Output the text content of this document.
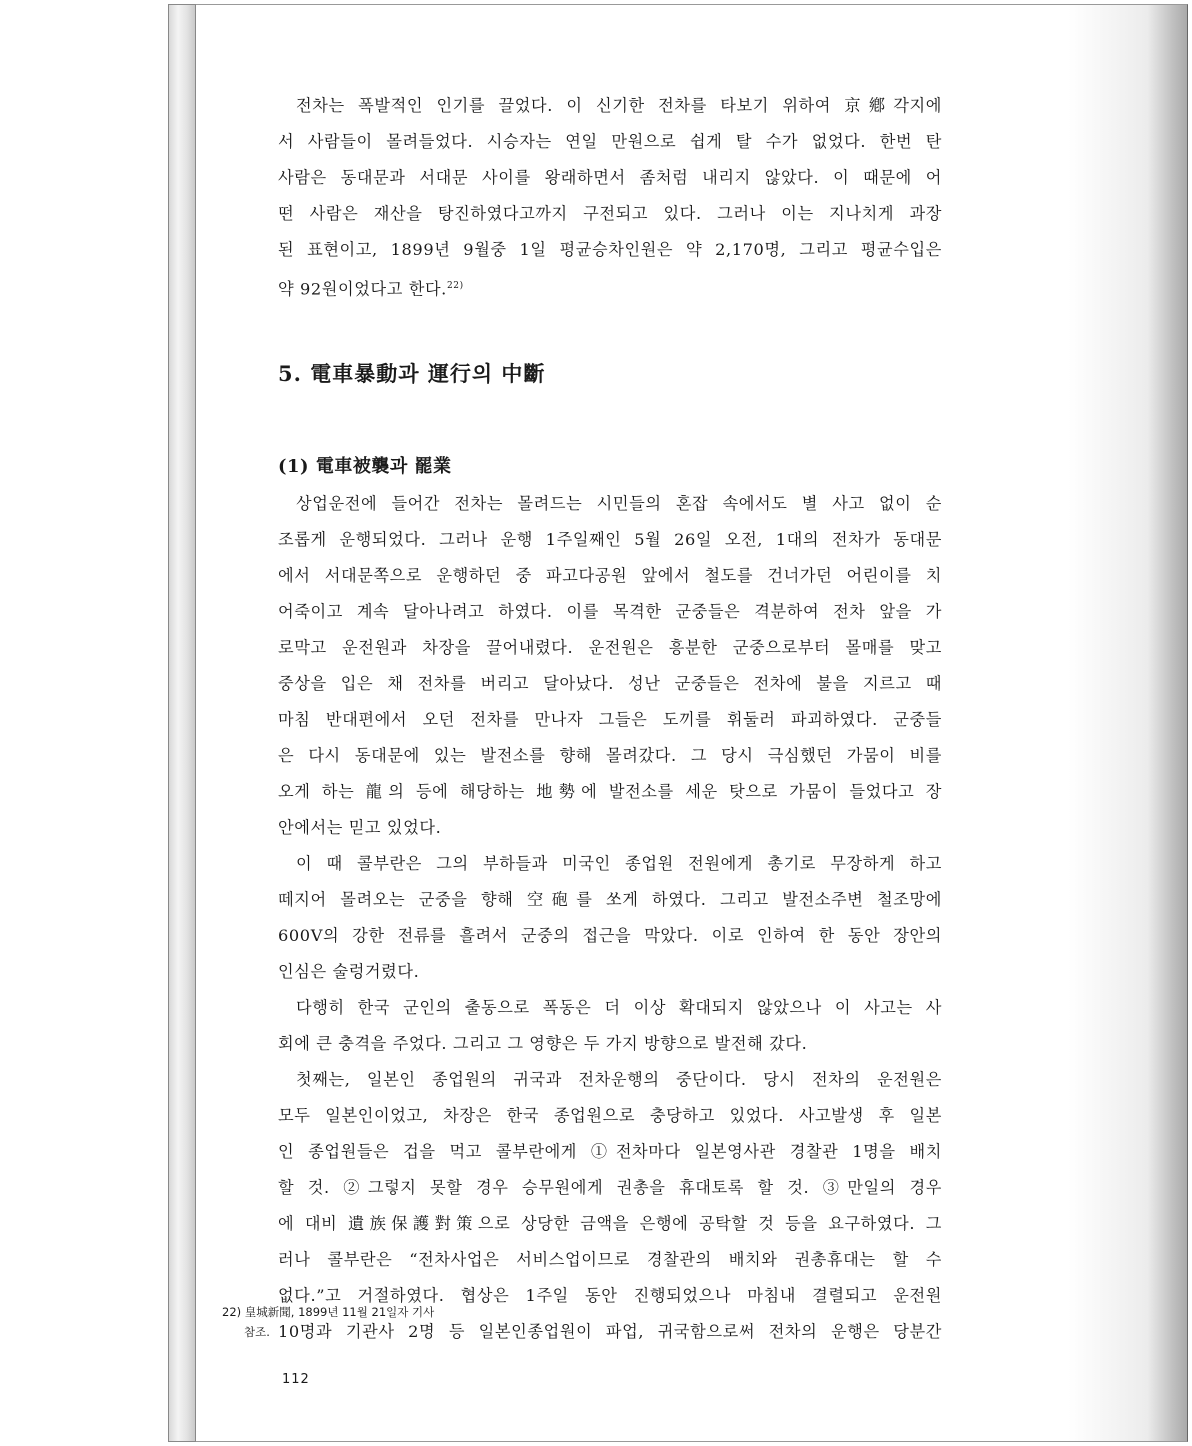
전차는 폭발적인 인기를 끌었다. 이 신기한 전차를 타보기 위하여 京鄕각지에
서 사람들이 몰려들었다. 시승자는 연일 만원으로 쉽게 탈 수가 없었다. 한번 탄
사람은 동대문과 서대문 사이를 왕래하면서 좀처럼 내리지 않았다. 이 때문에 어
떤 사람은 재산을 탕진하였다고까지 구전되고 있다. 그러나 이는 지나치게 과장
된 표현이고, 1899년 9월중 1일 평균승차인원은 약 2,170명, 그리고 평균수입은
약 92원이었다고 한다.$^{22)}$
5. 電車暴動과 運行의 中斷
(1) 電車被襲과 罷業
상업운전에 들어간 전차는 몰려드는 시민들의 혼잡 속에서도 별 사고 없이 순
조롭게 운행되었다. 그러나 운행 1주일째인 5월 26일 오전, 1대의 전차가 동대문
에서 서대문쪽으로 운행하던 중 파고다공원 앞에서 철도를 건너가던 어린이를 치
어죽이고 계속 달아나려고 하였다. 이를 목격한 군중들은 격분하여 전차 앞을 가
로막고 운전원과 차장을 끌어내렸다. 운전원은 흥분한 군중으로부터 몰매를 맞고
중상을 입은 채 전차를 버리고 달아났다. 성난 군중들은 전차에 불을 지르고 때
마침 반대편에서 오던 전차를 만나자 그들은 도끼를 휘둘러 파괴하였다. 군중들
은 다시 동대문에 있는 발전소를 향해 몰려갔다. 그 당시 극심했던 가뭄이 비를
오게 하는 龍의 등에 해당하는 地勢에 발전소를 세운 탓으로 가뭄이 들었다고 장
안에서는 믿고 있었다.
이 때 콜부란은 그의 부하들과 미국인 종업원 전원에게 총기로 무장하게 하고
떼지어 몰려오는 군중을 향해 空砲를 쏘게 하였다. 그리고 발전소주변 철조망에
600V의 강한 전류를 흘려서 군중의 접근을 막았다. 이로 인하여 한 동안 장안의
인심은 술렁거렸다.
다행히 한국 군인의 출동으로 폭동은 더 이상 확대되지 않았으나 이 사고는 사
회에 큰 충격을 주었다. 그리고 그 영향은 두 가지 방향으로 발전해 갔다.
첫째는, 일본인 종업원의 귀국과 전차운행의 중단이다. 당시 전차의 운전원은
모두 일본인이었고, 차장은 한국 종업원으로 충당하고 있었다. 사고발생 후 일본
인 종업원들은 겁을 먹고 콜부란에게 ①전차마다 일본영사관 경찰관 1명을 배치
할 것. ②그렇지 못할 경우 승무원에게 권총을 휴대토록 할 것. ③만일의 경우
에 대비 遺族保護對策으로 상당한 금액을 은행에 공탁할 것 등을 요구하였다. 그
러나 콜부란은 “전차사업은 서비스업이므로 경찰관의 배치와 권총휴대는 할 수
없다.”고 거절하였다. 협상은 1주일 동안 진행되었으나 마침내 결렬되고 운전원
10명과 기관사 2명 등 일본인종업원이 파업, 귀국함으로써 전차의 운행은 당분간
22) 皇城新聞, 1899년 11월 21일자 기사
참조.
112
